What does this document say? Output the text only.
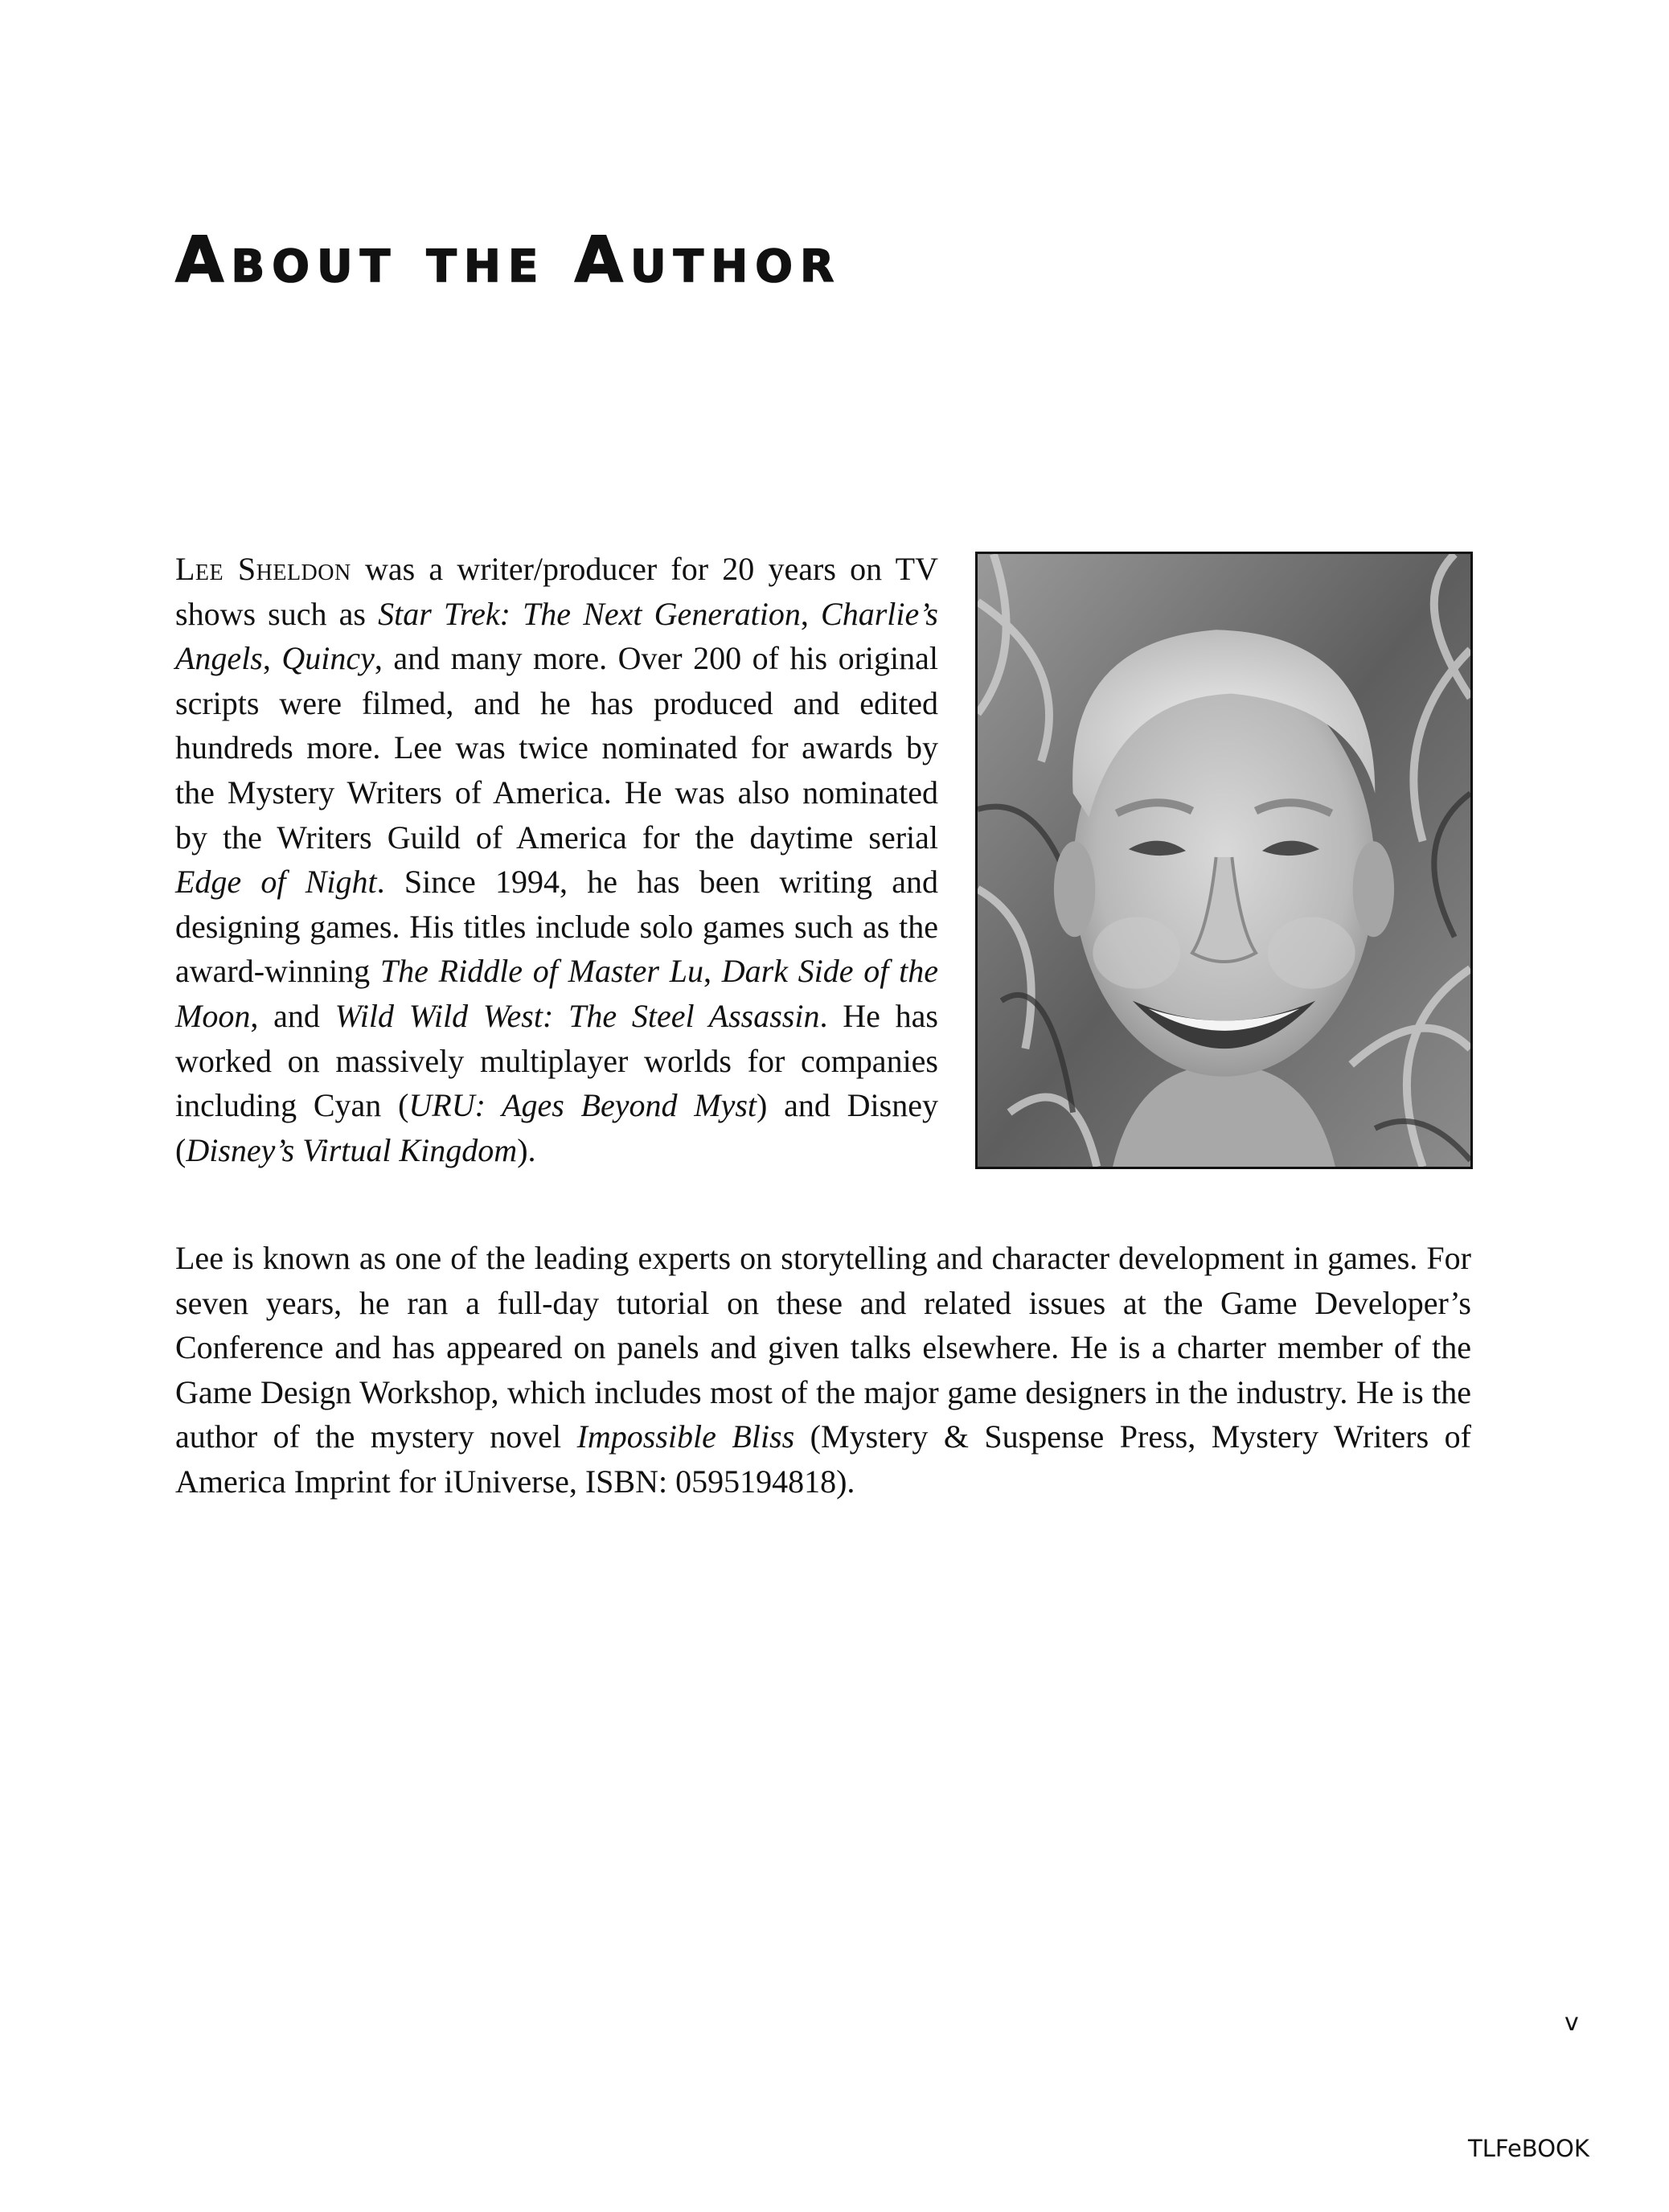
About the Author

Lee Sheldon was a writer/producer for 20 years on TV shows such as Star Trek: The Next Generation, Charlie’s Angels, Quincy, and many more. Over 200 of his original scripts were filmed, and he has produced and edited hundreds more. Lee was twice nominated for awards by the Mystery Writers of America. He was also nominated by the Writers Guild of America for the daytime serial Edge of Night. Since 1994, he has been writing and designing games. His titles include solo games such as the award-winning The Riddle of Master Lu, Dark Side of the Moon, and Wild Wild West: The Steel Assassin. He has worked on massively multiplayer worlds for companies including Cyan (URU: Ages Beyond Myst) and Disney (Disney’s Virtual Kingdom).

Lee is known as one of the leading experts on storytelling and character development in games. For seven years, he ran a full-day tutorial on these and related issues at the Game Developer’s Conference and has appeared on panels and given talks elsewhere. He is a charter member of the Game Design Workshop, which includes most of the major game designers in the industry. He is the author of the mystery novel Impossible Bliss (Mystery & Suspense Press, Mystery Writers of America Imprint for iUniverse, ISBN: 0595194818).

v
TLFeBOOK
